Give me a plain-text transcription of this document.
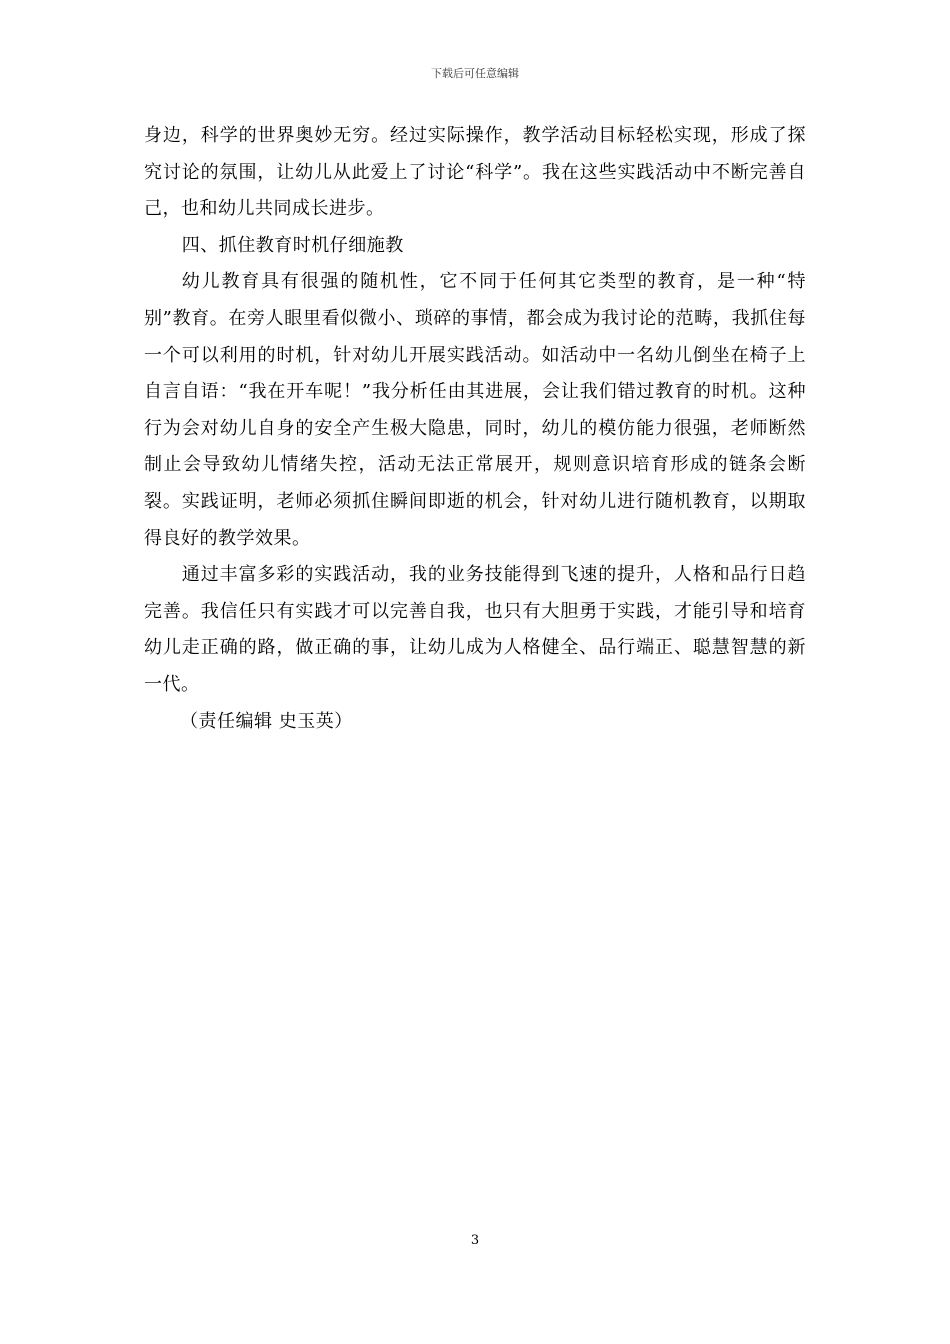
下载后可任意编辑

身边，科学的世界奥妙无穷。经过实际操作，教学活动目标轻松实现，形成了探究讨论的氛围，让幼儿从此爱上了讨论“科学”。我在这些实践活动中不断完善自己，也和幼儿共同成长进步。

四、抓住教育时机仔细施教

幼儿教育具有很强的随机性，它不同于任何其它类型的教育，是一种“特别”教育。在旁人眼里看似微小、琐碎的事情，都会成为我讨论的范畴，我抓住每一个可以利用的时机，针对幼儿开展实践活动。如活动中一名幼儿倒坐在椅子上自言自语：“我在开车呢！”我分析任由其进展，会让我们错过教育的时机。这种行为会对幼儿自身的安全产生极大隐患，同时，幼儿的模仿能力很强，老师断然制止会导致幼儿情绪失控，活动无法正常展开，规则意识培育形成的链条会断裂。实践证明，老师必须抓住瞬间即逝的机会，针对幼儿进行随机教育，以期取得良好的教学效果。

通过丰富多彩的实践活动，我的业务技能得到飞速的提升，人格和品行日趋完善。我信任只有实践才可以完善自我，也只有大胆勇于实践，才能引导和培育幼儿走正确的路，做正确的事，让幼儿成为人格健全、品行端正、聪慧智慧的新一代。

（责任编辑 史玉英）

3
